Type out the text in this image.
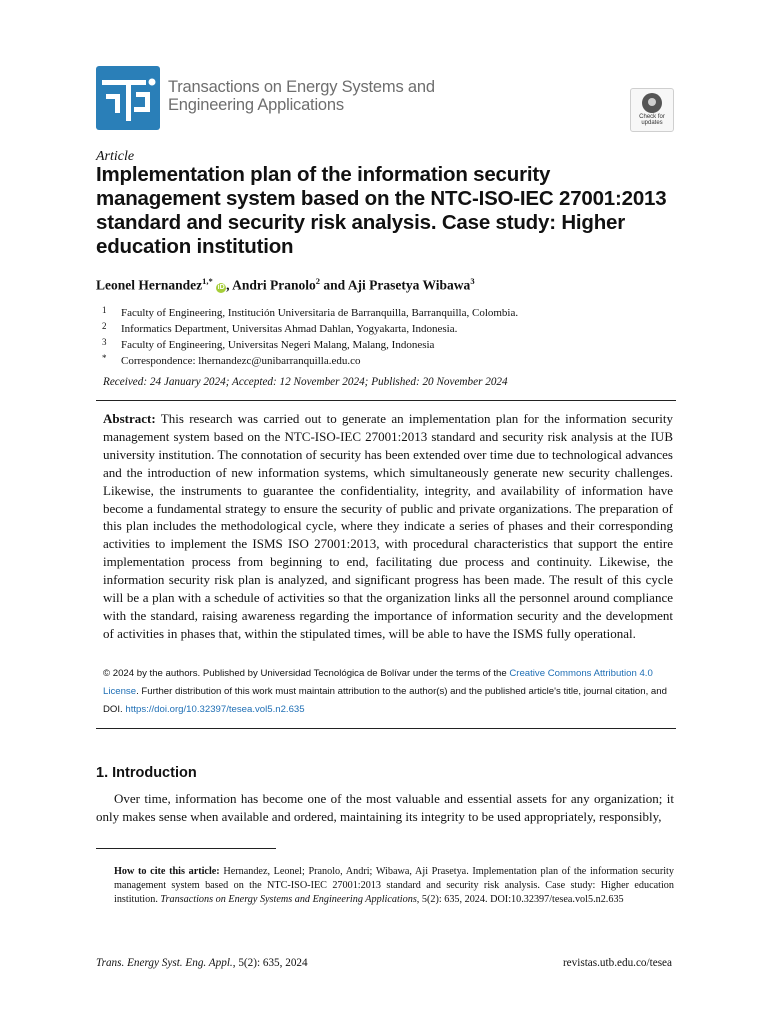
Transactions on Energy Systems and
Engineering Applications
Check for
updates
Article
Implementation plan of the information security management system based on the NTC-ISO-IEC 27001:2013 standard and security risk analysis. Case study: Higher education institution
Leonel Hernandez$^{1,*}$ iD , Andri Pranolo$^2$ and Aji Prasetya Wibawa$^3$
1 Faculty of Engineering, Institución Universitaria de Barranquilla, Barranquilla, Colombia.
2 Informatics Department, Universitas Ahmad Dahlan, Yogyakarta, Indonesia.
3 Faculty of Engineering, Universitas Negeri Malang, Malang, Indonesia
* Correspondence: lhernandezc@unibarranquilla.edu.co
Received: 24 January 2024; Accepted: 12 November 2024; Published: 20 November 2024
Abstract: This research was carried out to generate an implementation plan for the information security management system based on the NTC-ISO-IEC 27001:2013 standard and security risk analysis at the IUB university institution. The connotation of security has been extended over time due to technological advances and the introduction of new information systems, which simultaneously generate new security challenges. Likewise, the instruments to guarantee the confidentiality, integrity, and availability of information have become a fundamental strategy to ensure the security of public and private organizations. The preparation of this plan includes the methodological cycle, where they indicate a series of phases and their corresponding activities to implement the ISMS ISO 27001:2013, with procedural characteristics that support the entire implementation process from beginning to end, facilitating due process and continuity. Likewise, the information security risk plan is analyzed, and significant progress has been made. The result of this cycle will be a plan with a schedule of activities so that the organization links all the personnel around compliance with the standard, raising awareness regarding the importance of information security and the development of activities in phases that, within the stipulated times, will be able to have the ISMS fully operational.
© 2024 by the authors. Published by Universidad Tecnológica de Bolívar under the terms of the Creative Commons Attribution 4.0 License. Further distribution of this work must maintain attribution to the author(s) and the published article's title, journal citation, and DOI. https://doi.org/10.32397/tesea.vol5.n2.635
1. Introduction
Over time, information has become one of the most valuable and essential assets for any organization; it only makes sense when available and ordered, maintaining its integrity to be used appropriately, responsibly,
How to cite this article: Hernandez, Leonel; Pranolo, Andri; Wibawa, Aji Prasetya. Implementation plan of the information security management system based on the NTC-ISO-IEC 27001:2013 standard and security risk analysis. Case study: Higher education institution. Transactions on Energy Systems and Engineering Applications, 5(2): 635, 2024. DOI:10.32397/tesea.vol5.n2.635
Trans. Energy Syst. Eng. Appl., 5(2): 635, 2024	revistas.utb.edu.co/tesea
